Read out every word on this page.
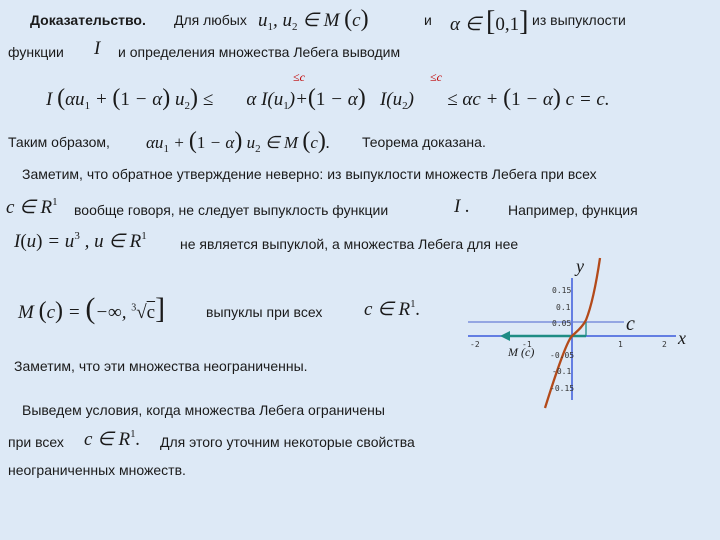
Доказательство. Для любых $u_1$, $u_2$ ∈ M (c)	и α ∈ [0,1] из выпуклости
функции I и определения множества Лебега выводим
≤c	≤c
I $(\alpha u_1 + (1 - \alpha) u_2)$ ≤       α $I(u_1)+(1 - \alpha)$   $I(u_2)$       ≤ αc + (1 − α) c = c.
Таким образом, $\alpha u_1 + (1 - \alpha)$ $u_2$ ∈ M (c). Теорема доказана.
Заметим, что обратное утверждение неверно: из выпуклости множеств Лебега при всех
c ∈ $R^1$ вообще говоря, не следует выпуклость функции	I .	Например, функция
$I(u) = u^3$ , u ∈ $R^1$ не является выпуклой, а множества Лебега для нее
M (c) = (−∞, $^3$√c]	выпуклы при всех c ∈ $R^1$.
Заметим, что эти множества неограниченны.
Выведем условия, когда множества Лебега ограничены
при всех c ∈ $R^1$. Для этого уточним некоторые свойства
неограниченных множеств.
0.15
0.1
0.05
-0.05
-0.1
-0.15
-2	-1	1	2
y
x
c
M (c)
